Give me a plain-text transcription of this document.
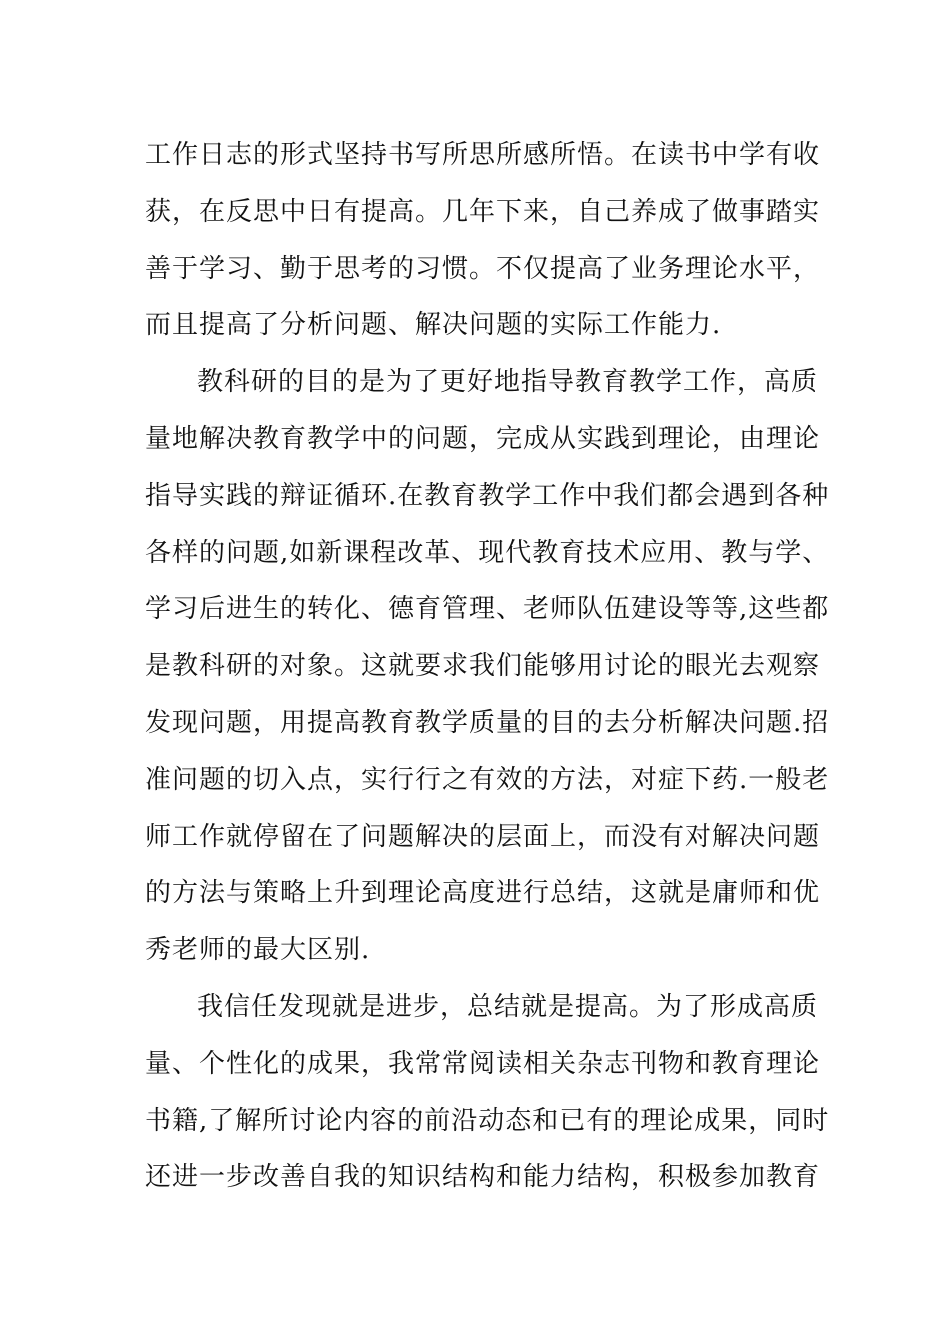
工作日志的形式坚持书写所思所感所悟。在读书中学有收
获，在反思中日有提高。几年下来，自己养成了做事踏实
善于学习、勤于思考的习惯。不仅提高了业务理论水平，
而且提高了分析问题、解决问题的实际工作能力.
教科研的目的是为了更好地指导教育教学工作，高质
量地解决教育教学中的问题，完成从实践到理论，由理论
指导实践的辩证循环.在教育教学工作中我们都会遇到各种
各样的问题,如新课程改革、现代教育技术应用、教与学、
学习后进生的转化、德育管理、老师队伍建设等等,这些都
是教科研的对象。这就要求我们能够用讨论的眼光去观察
发现问题，用提高教育教学质量的目的去分析解决问题.招
准问题的切入点，实行行之有效的方法，对症下药.一般老
师工作就停留在了问题解决的层面上，而没有对解决问题
的方法与策略上升到理论高度进行总结，这就是庸师和优
秀老师的最大区别.
我信任发现就是进步，总结就是提高。为了形成高质
量、个性化的成果，我常常阅读相关杂志刊物和教育理论
书籍,了解所讨论内容的前沿动态和已有的理论成果，同时
还进一步改善自我的知识结构和能力结构，积极参加教育
